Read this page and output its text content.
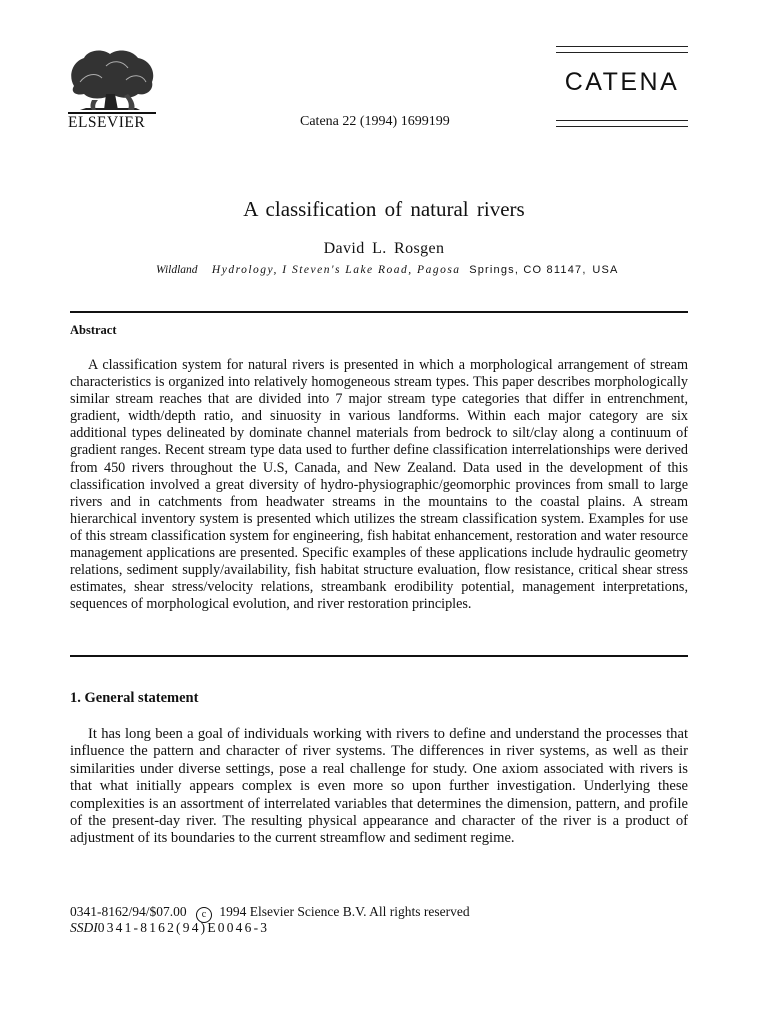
ELSEVIER	Catena 22 (1994) 1699199
CATENA
A classification of natural rivers
David L. Rosgen
Wildland Hydrology, I Steven's Lake Road, Pagosa Springs, CO 81147, USA
Abstract

A classification system for natural rivers is presented in which a morphological arrangement of stream characteristics is organized into relatively homogeneous stream types. This paper describes morphologically similar stream reaches that are divided into 7 major stream type categories that differ in entrenchment, gradient, width/depth ratio, and sinuosity in various landforms. Within each major category are six additional types delineated by dominate channel materials from bedrock to silt/clay along a continuum of gradient ranges. Recent stream type data used to further define classification interrelationships were derived from 450 rivers throughout the U.S, Canada, and New Zealand. Data used in the development of this classification involved a great diversity of hydro-physiographic/geomorphic provinces from small to large rivers and in catchments from headwater streams in the mountains to the coastal plains. A stream hierarchical inventory system is presented which utilizes the stream classification system. Examples for use of this stream classification system for engineering, fish habitat enhancement, restoration and water resource management applications are presented. Specific examples of these applications include hydraulic geometry relations, sediment supply/availability, fish habitat structure evaluation, flow resistance, critical shear stress estimates, shear stress/velocity relations, streambank erodibility potential, management interpretations, sequences of morphological evolution, and river restoration principles.

1. General statement

It has long been a goal of individuals working with rivers to define and understand the processes that influence the pattern and character of river systems. The differences in river systems, as well as their similarities under diverse settings, pose a real challenge for study. One axiom associated with rivers is that what initially appears complex is even more so upon further investigation. Underlying these complexities is an assortment of interrelated variables that determines the dimension, pattern, and profile of the present-day river. The resulting physical appearance and character of the river is a product of adjustment of its boundaries to the current streamflow and sediment regime.

0341-8162/94/$07.00 c 1994 Elsevier Science B.V. All rights reserved
SSDI0341-8162(94)E0046-3
